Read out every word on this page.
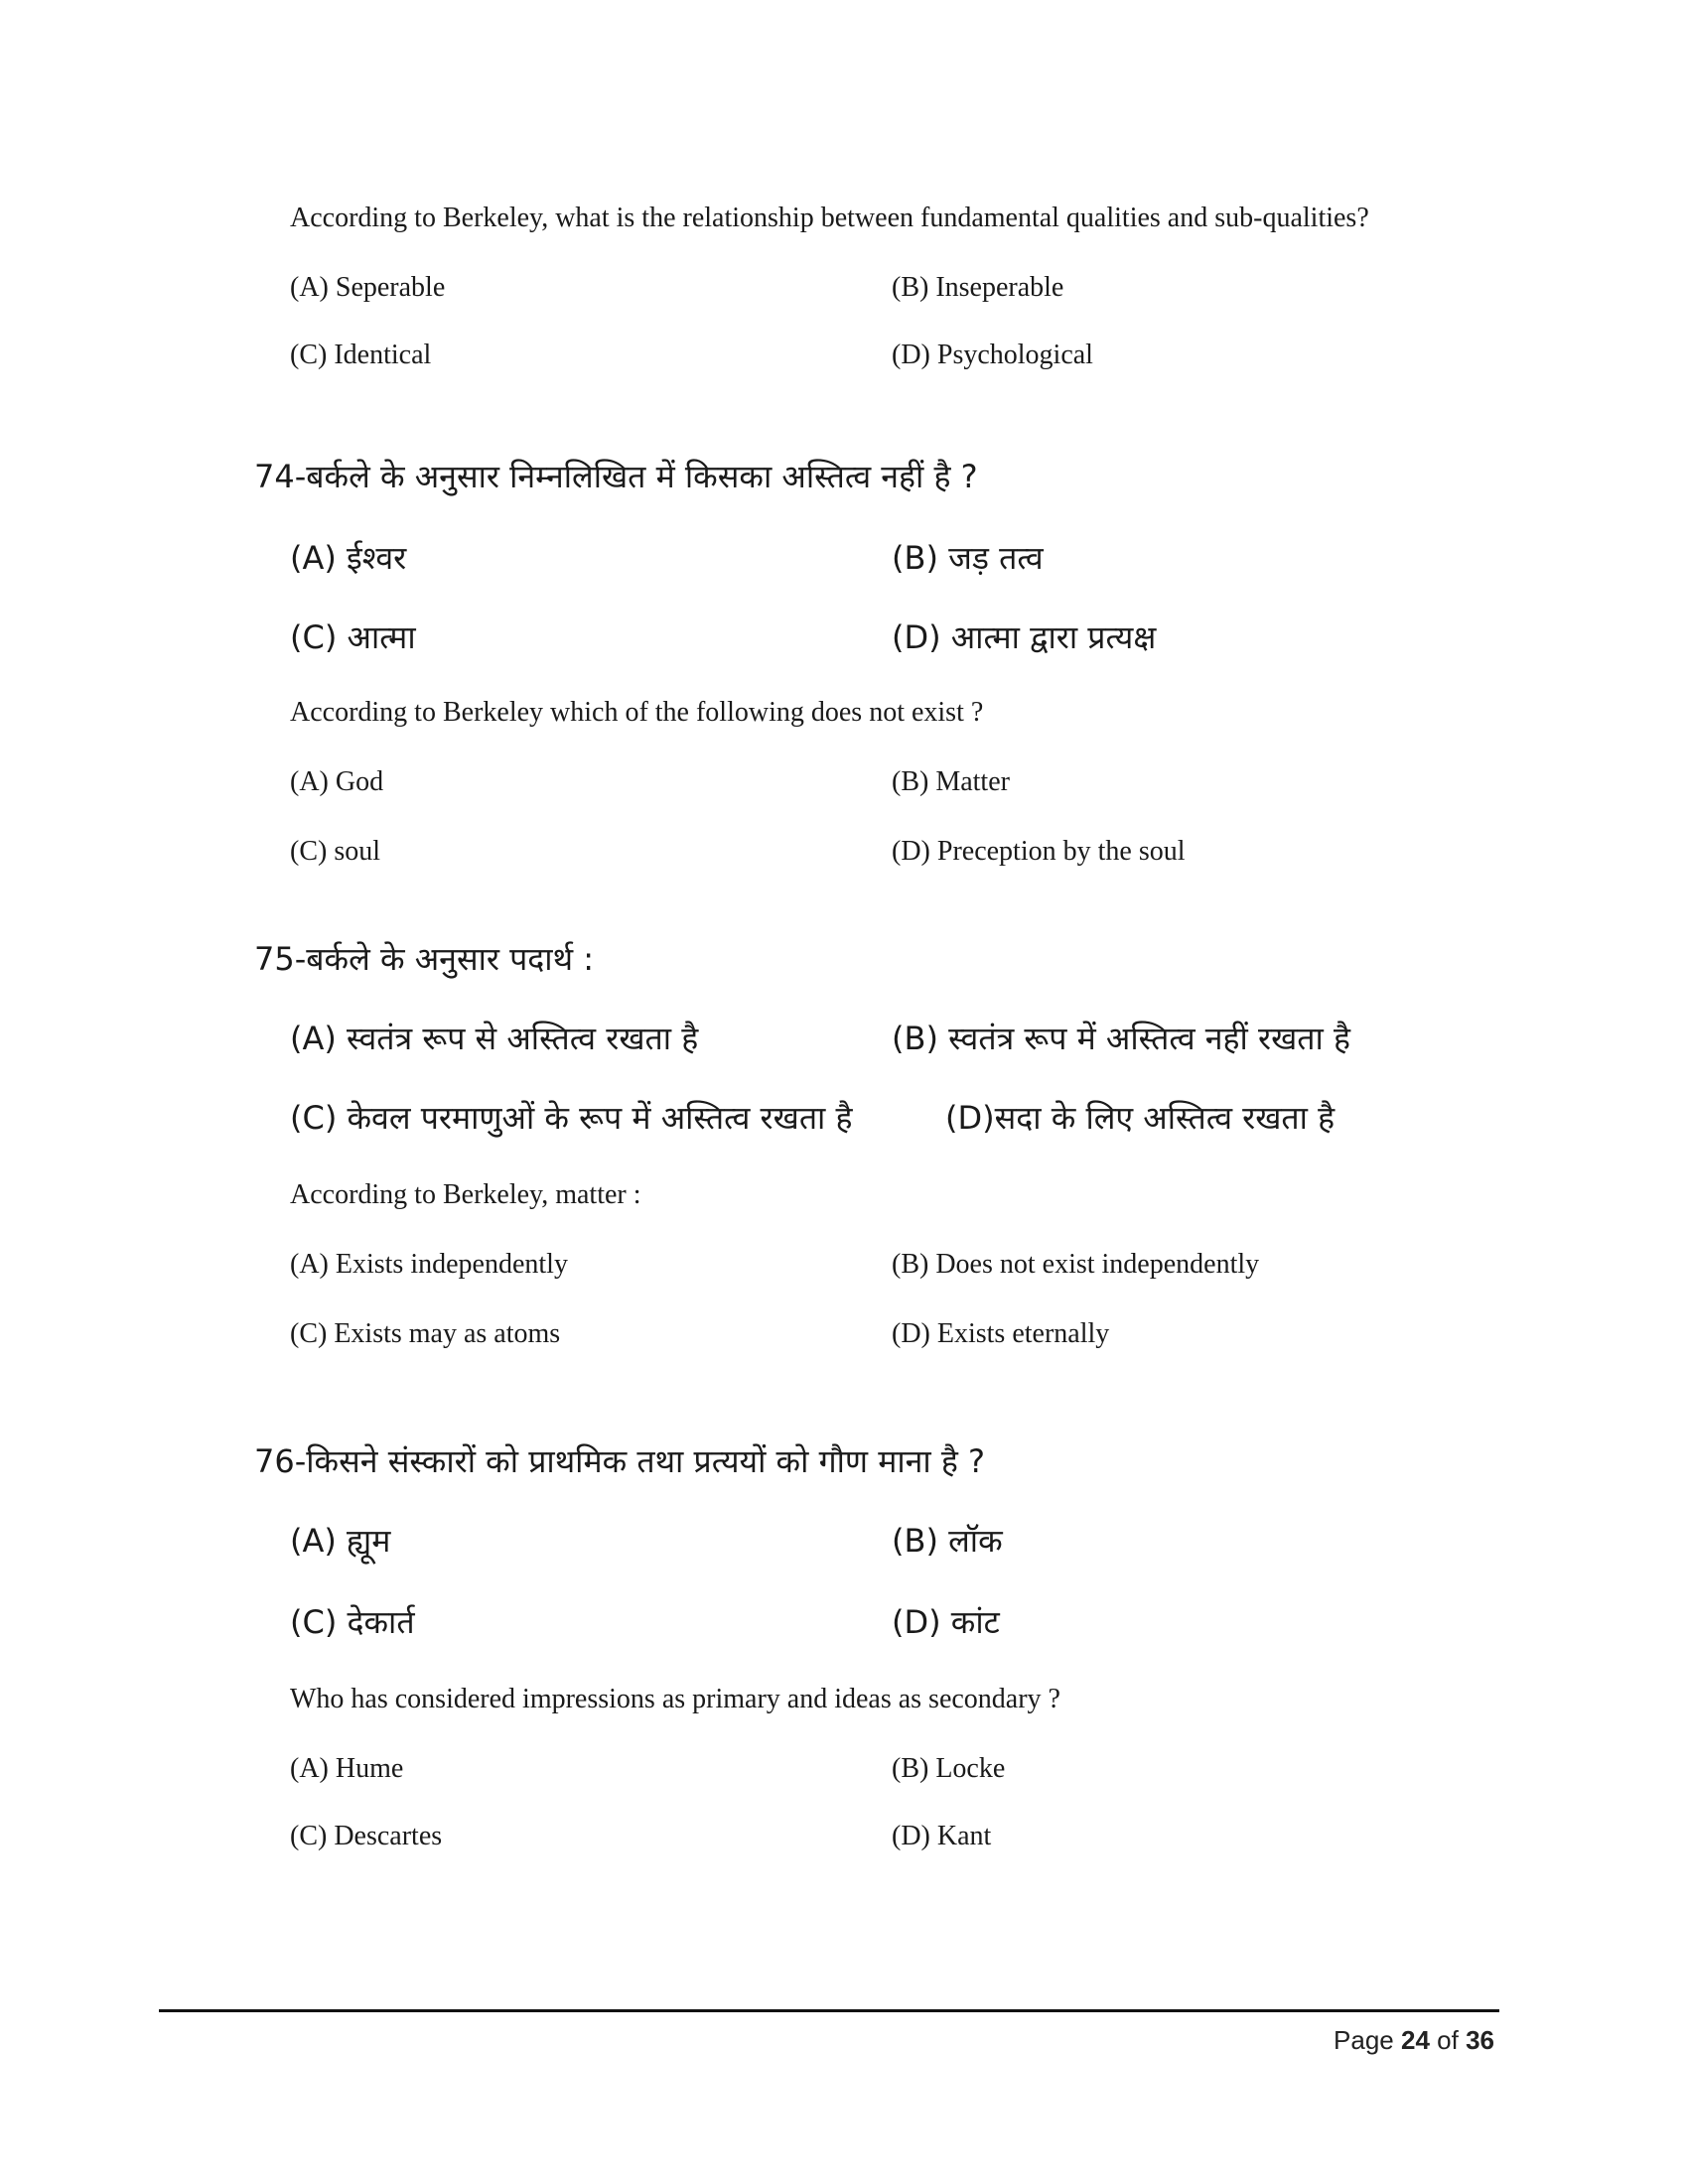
According to Berkeley, what is the relationship between fundamental qualities and sub-qualities?
(A) Seperable	(B) Inseperable
(C) Identical	(D) Psychological
74-बर्कले के अनुसार निम्नलिखित में किसका अस्तित्व नहीं है ?
(A) ईश्वर	(B) जड़ तत्व
(C) आत्मा	(D) आत्मा द्वारा प्रत्यक्ष
According to Berkeley which of the following does not exist ?
(A) God	(B) Matter
(C) soul	(D) Preception by the soul
75-बर्कले के अनुसार पदार्थ :
(A) स्वतंत्र रूप से अस्तित्व रखता है	(B) स्वतंत्र रूप में अस्तित्व नहीं रखता है
(C) केवल परमाणुओं के रूप में अस्तित्व रखता है	(D)सदा के लिए अस्तित्व रखता है
According to Berkeley, matter :
(A) Exists independently	(B) Does not exist independently
(C) Exists may as atoms	(D) Exists eternally
76-किसने संस्कारों को प्राथमिक तथा प्रत्ययों को गौण माना है ?
(A) ह्यूम	(B) लॉक
(C) देकार्त	(D) कांट
Who has considered impressions as primary and ideas as secondary ?
(A) Hume	(B) Locke
(C) Descartes	(D) Kant
Page 24 of 36
